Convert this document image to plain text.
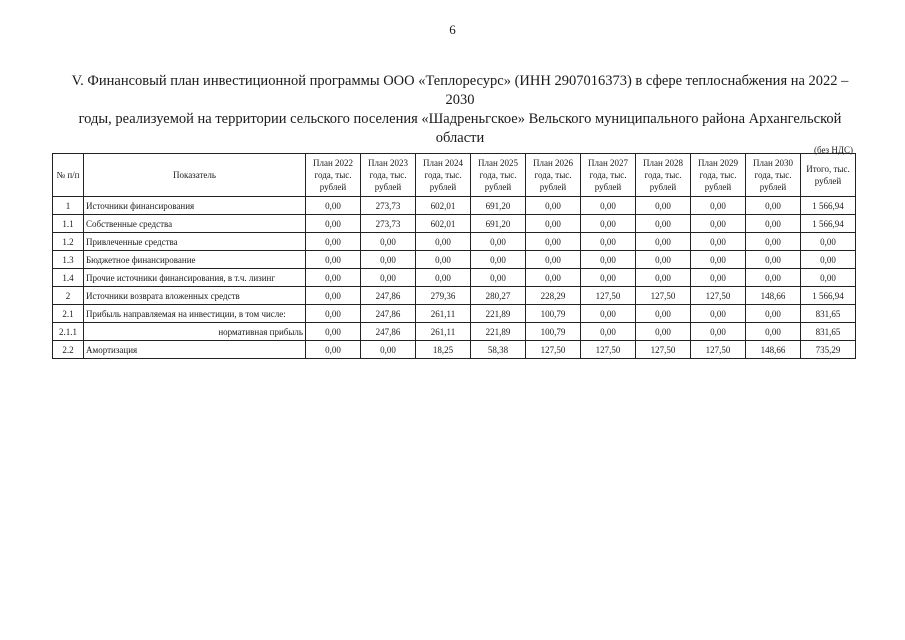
6
V. Финансовый план инвестиционной программы ООО «Теплоресурс» (ИНН 2907016373) в сфере теплоснабжения на 2022 – 2030
годы, реализуемой на территории сельского поселения «Шадреньгское» Вельского муниципального района Архангельской области
(без НДС)
№ п/п	Показатель	План 2022 года, тыс. рублей	План 2023 года, тыс. рублей	План 2024 года, тыс. рублей	План 2025 года, тыс. рублей	План 2026 года, тыс. рублей	План 2027 года, тыс. рублей	План 2028 года, тыс. рублей	План 2029 года, тыс. рублей	План 2030 года, тыс. рублей	Итого, тыс. рублей
1	Источники финансирования	0,00	273,73	602,01	691,20	0,00	0,00	0,00	0,00	0,00	1 566,94
1.1	Собственные средства	0,00	273,73	602,01	691,20	0,00	0,00	0,00	0,00	0,00	1 566,94
1.2	Привлеченные средства	0,00	0,00	0,00	0,00	0,00	0,00	0,00	0,00	0,00	0,00
1.3	Бюджетное финансирование	0,00	0,00	0,00	0,00	0,00	0,00	0,00	0,00	0,00	0,00
1.4	Прочие источники финансирования, в т.ч. лизинг	0,00	0,00	0,00	0,00	0,00	0,00	0,00	0,00	0,00	0,00
2	Источники возврата вложенных средств	0,00	247,86	279,36	280,27	228,29	127,50	127,50	127,50	148,66	1 566,94
2.1	Прибыль направляемая на инвестиции, в том числе:	0,00	247,86	261,11	221,89	100,79	0,00	0,00	0,00	0,00	831,65
2.1.1	нормативная прибыль	0,00	247,86	261,11	221,89	100,79	0,00	0,00	0,00	0,00	831,65
2.2	Амортизация	0,00	0,00	18,25	58,38	127,50	127,50	127,50	127,50	148,66	735,29
